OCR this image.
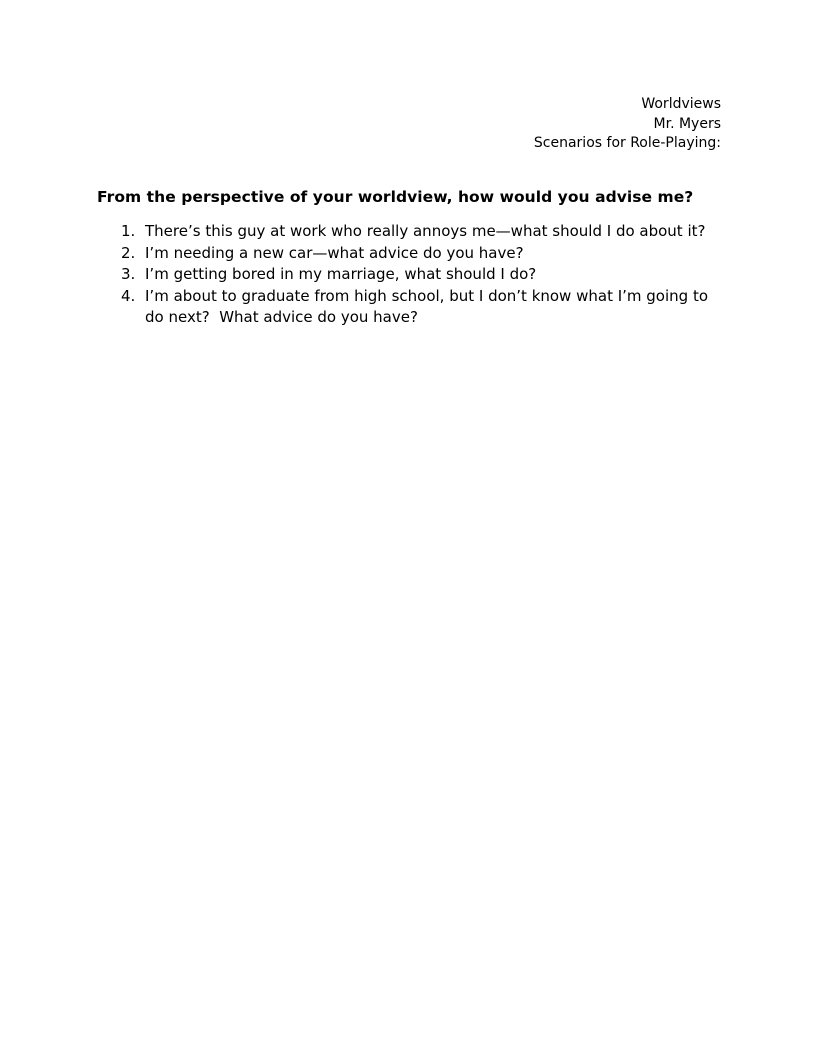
Worldviews
Mr. Myers
Scenarios for Role-Playing:
From the perspective of your worldview, how would you advise me?
1. There’s this guy at work who really annoys me—what should I do about it?
2. I’m needing a new car—what advice do you have?
3. I’m getting bored in my marriage, what should I do?
4. I’m about to graduate from high school, but I don’t know what I’m going to do next?  What advice do you have?
